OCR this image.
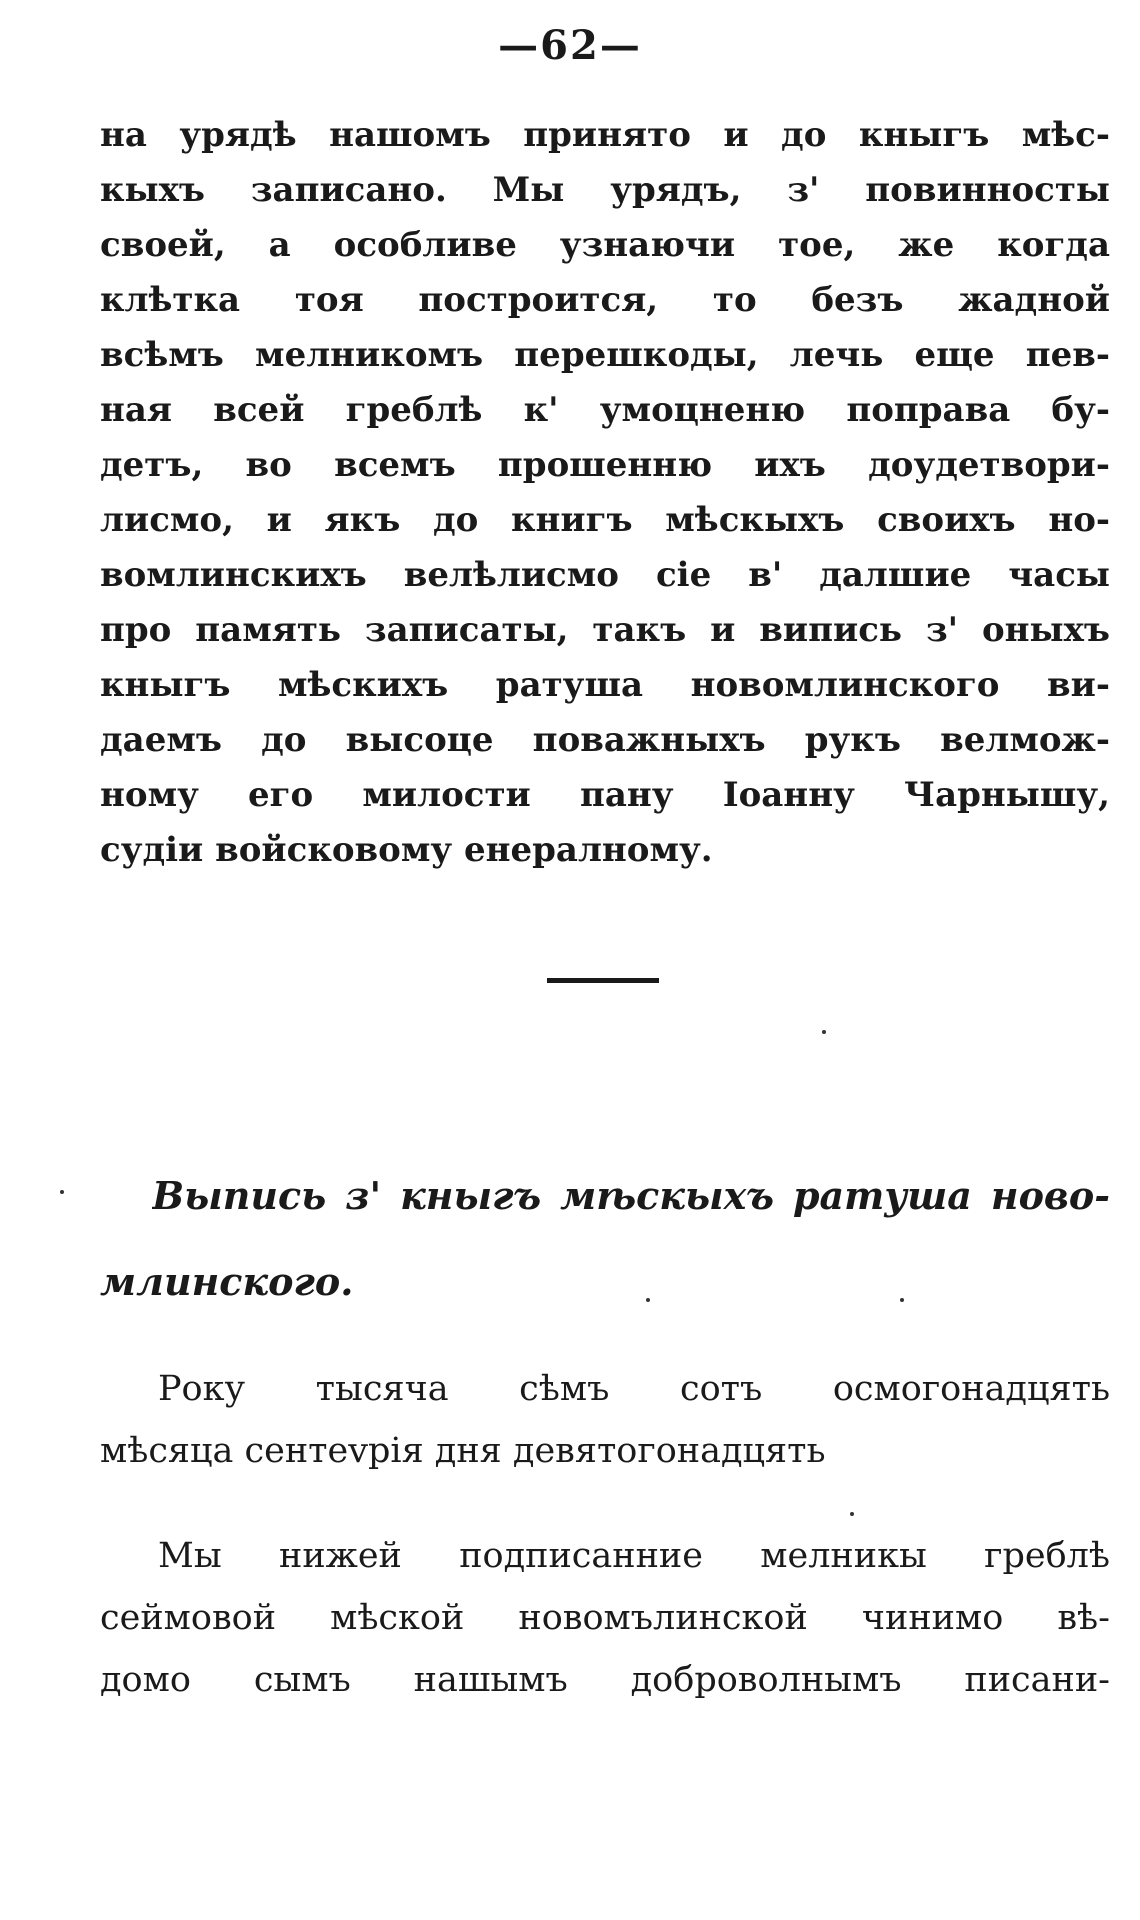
—62—
на урядѣ нашомъ принято и до кныгъ мѣс-
кыхъ записано. Мы урядъ, з' повинносты
своей, а особливе узнаючи тое, же когда
клѣтка тоя построится, то безъ жадной
всѣмъ мелникомъ перешкоды, лечь еще пев-
ная всей греблѣ к' умоцненю поправа бу-
детъ, во всемъ прошенню ихъ доудетвори-
лисмо, и якъ до книгъ мѣскыхъ своихъ но-
вомлинскихъ велѣлисмо сіе в' далшие часы
про память записаты, такъ и випись з' оныхъ
кныгъ мѣскихъ ратуша новомлинского ви-
даемъ до высоце поважныхъ рукъ велмож-
ному его милости пану Іоанну Чарнышу,
судіи войсковому енералному.
Выпись з' кныгъ мѣскыхъ ратуша ново-
млинского.
Року тысяча сѣмъ сотъ осмогонадцять
мѣсяца сентеvрія дня девятогонадцять
Мы нижей подписанние мелникы греблѣ
сеймовой мѣской новомълинской чинимо вѣ-
домо сымъ нашымъ доброволнымъ писани-
